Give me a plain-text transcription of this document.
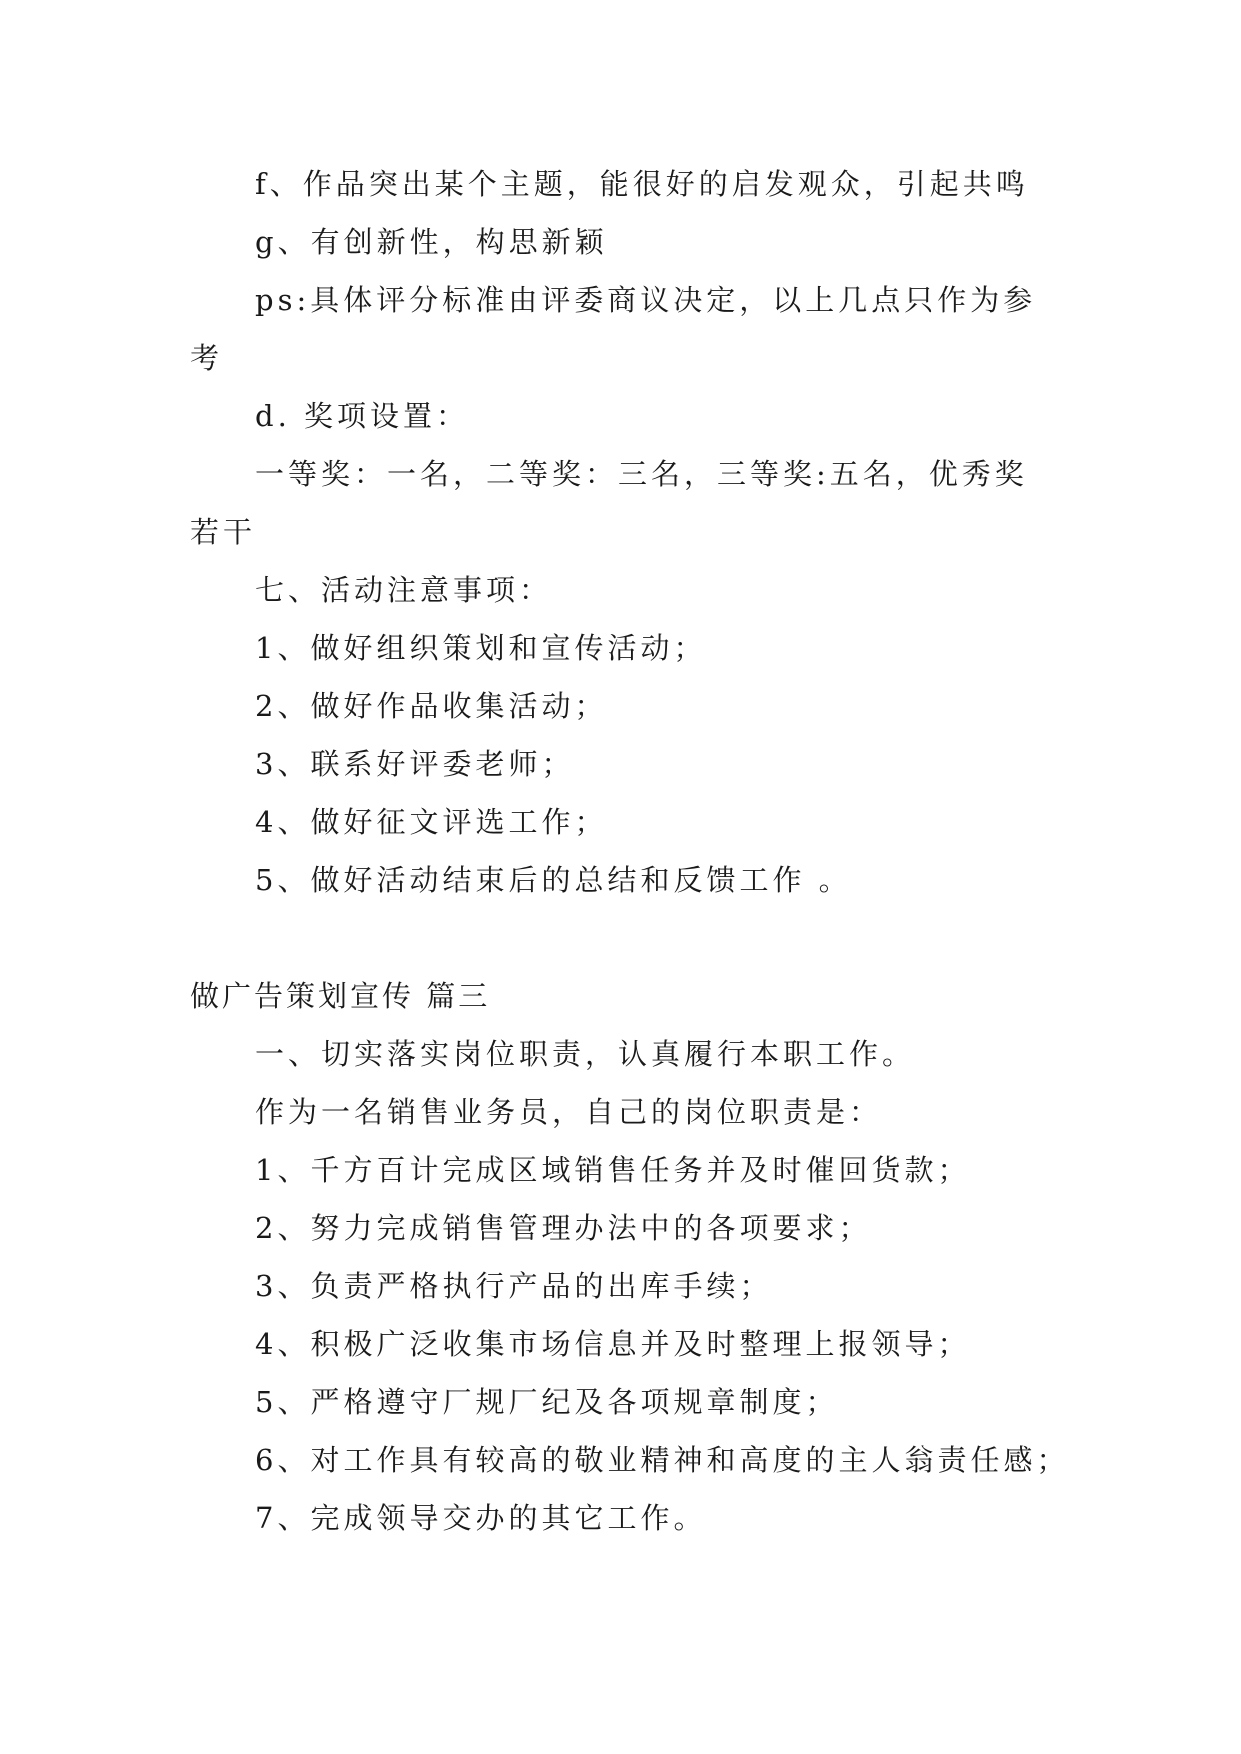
f、作品突出某个主题，能很好的启发观众，引起共鸣
g、有创新性，构思新颖
ps:具体评分标准由评委商议决定，以上几点只作为参
考
d. 奖项设置：
一等奖：一名，二等奖：三名，三等奖:五名，优秀奖
若干
七、活动注意事项：
1、做好组织策划和宣传活动；
2、做好作品收集活动；
3、联系好评委老师；
4、做好征文评选工作；
5、做好活动结束后的总结和反馈工作 。
做广告策划宣传 篇三
一、切实落实岗位职责，认真履行本职工作。
作为一名销售业务员，自己的岗位职责是：
1、千方百计完成区域销售任务并及时催回货款；
2、努力完成销售管理办法中的各项要求；
3、负责严格执行产品的出库手续；
4、积极广泛收集市场信息并及时整理上报领导；
5、严格遵守厂规厂纪及各项规章制度；
6、对工作具有较高的敬业精神和高度的主人翁责任感；
7、完成领导交办的其它工作。
